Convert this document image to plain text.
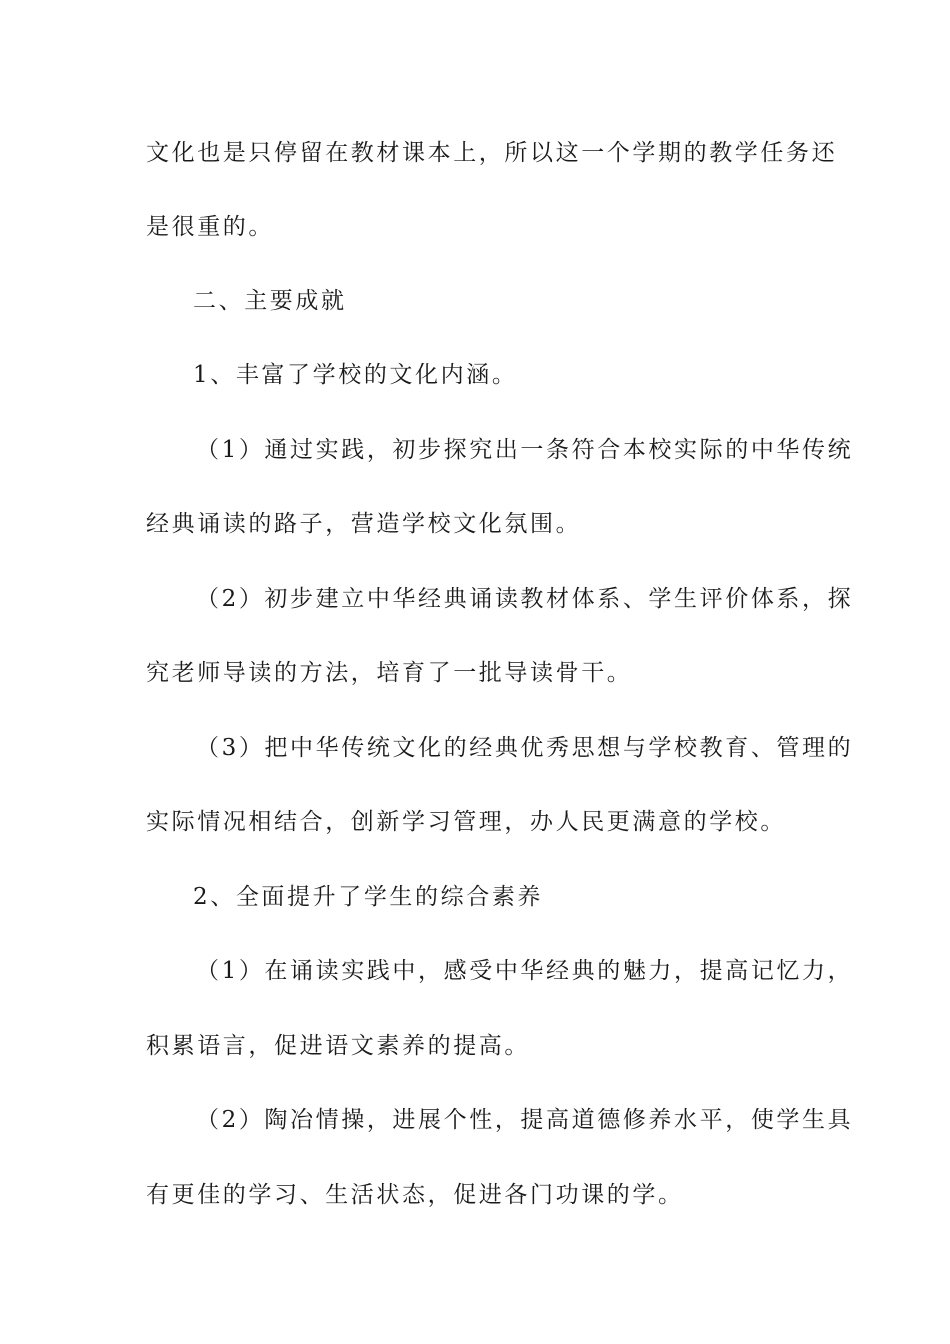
文化也是只停留在教材课本上，所以这一个学期的教学任务还
是很重的。
二、主要成就
1、丰富了学校的文化内涵。
（1）通过实践，初步探究出一条符合本校实际的中华传统
经典诵读的路子，营造学校文化氛围。
（2）初步建立中华经典诵读教材体系、学生评价体系，探
究老师导读的方法，培育了一批导读骨干。
（3）把中华传统文化的经典优秀思想与学校教育、管理的
实际情况相结合，创新学习管理，办人民更满意的学校。
2、全面提升了学生的综合素养
（1）在诵读实践中，感受中华经典的魅力，提高记忆力，
积累语言，促进语文素养的提高。
（2）陶冶情操，进展个性，提高道德修养水平，使学生具
有更佳的学习、生活状态，促进各门功课的学。
